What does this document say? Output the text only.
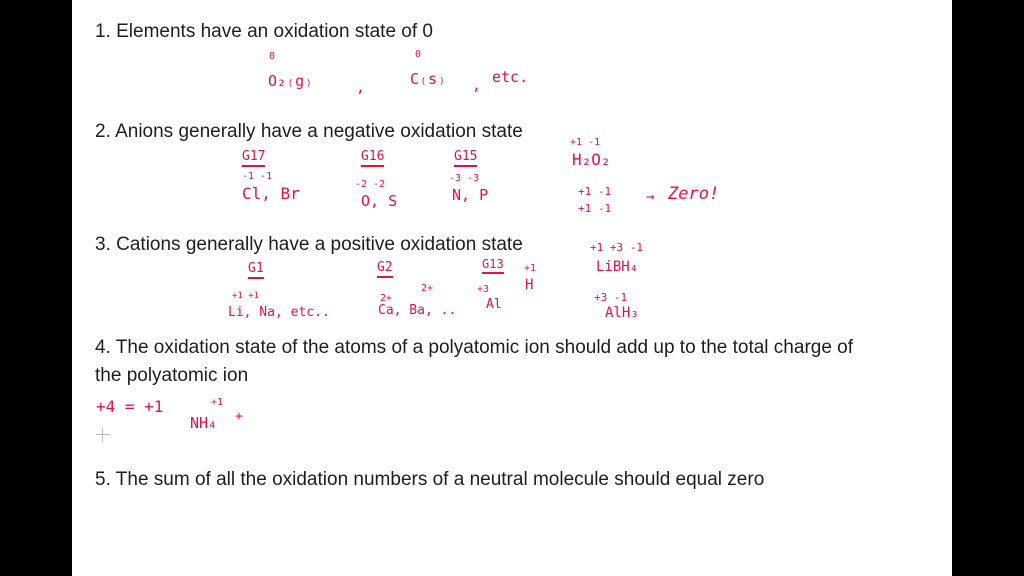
1. Elements have an oxidation state of 0
0
O₂₍g₎	,
0
C₍s₎ , etc.
2. Anions generally have a negative oxidation state
G17
-1 -1
Cl, Br
G16
-2 -2
O, S
G15
-3 -3
N, P
+1 -1
H₂O₂
+1 -1
+1 -1
→ Zero!
3. Cations generally have a positive oxidation state
G1
+1 +1
Li, Na, etc..
G2
2+
2+
Ca, Ba, ..
G13
+3
Al
+1
H
+1 +3 -1
LiBH₄
+3 -1
AlH₃
4. The oxidation state of the atoms of a polyatomic ion should add up to the total charge of the polyatomic ion
+4 = +1	+1
NH₄ +
5. The sum of all the oxidation numbers of a neutral molecule should equal zero
